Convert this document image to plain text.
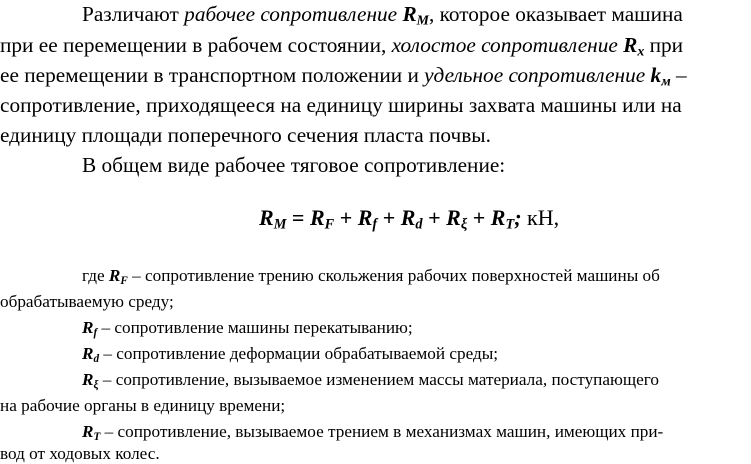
Различают рабочее сопротивление $R_M$, которое оказывает машина
при ее перемещении в рабочем состоянии, холостое сопротивление $R_x$ при
ее перемещении в транспортном положении и удельное сопротивление $k_м$ –
сопротивление, приходящееся на единицу ширины захвата машины или на
единицу площади поперечного сечения пласта почвы.
В общем виде рабочее тяговое сопротивление:
$R_M = R_F + R_f + R_d + R_\xi + R_T$; кН,
где $R_F$ – сопротивление трению скольжения рабочих поверхностей машины об
обрабатываемую среду;
$R_f$ – сопротивление машины перекатыванию;
$R_d$ – сопротивление деформации обрабатываемой среды;
$R_\xi$ – сопротивление, вызываемое изменением массы материала, поступающего
на рабочие органы в единицу времени;
$R_T$ – сопротивление, вызываемое трением в механизмах машин, имеющих при-
вод от ходовых колес.
